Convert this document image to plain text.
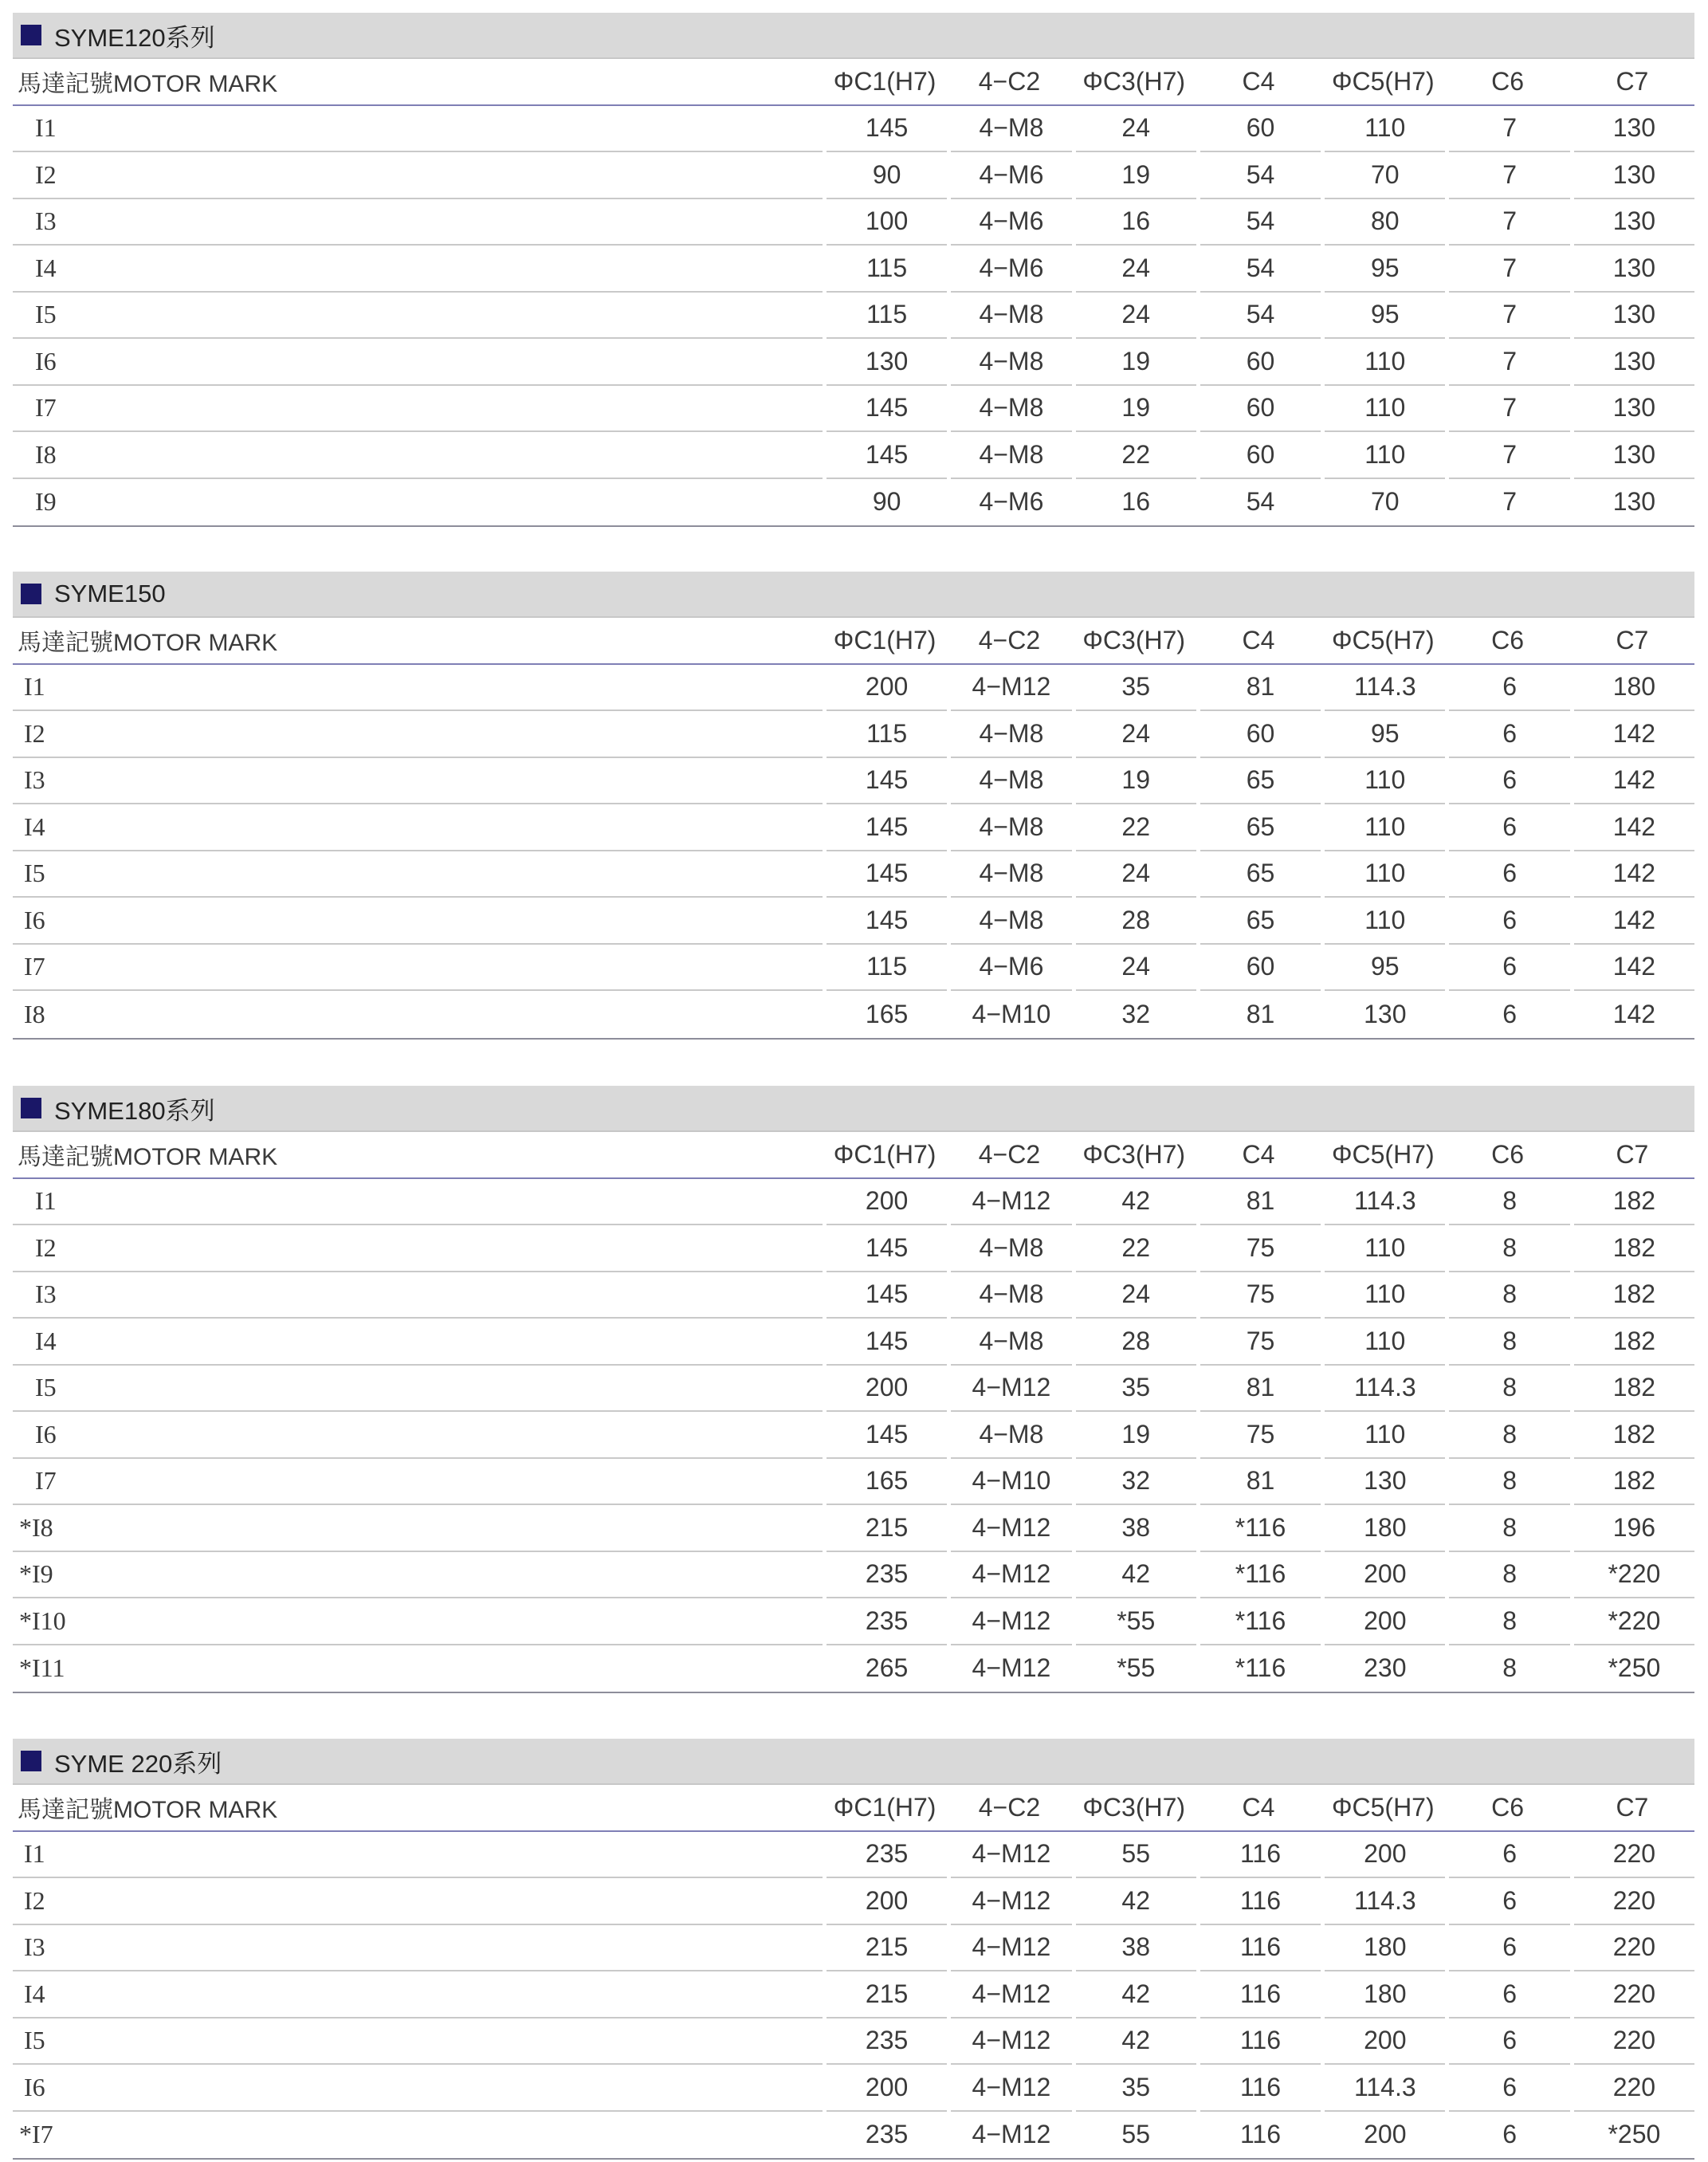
SYME120系列
馬達記號MOTOR MARK	ΦC1(H7)	4−C2	ΦC3(H7)	C4	ΦC5(H7)	C6	C7
I1	145	4−M8	24	60	110	7	130
I2	90	4−M6	19	54	70	7	130
I3	100	4−M6	16	54	80	7	130
I4	115	4−M6	24	54	95	7	130
I5	115	4−M8	24	54	95	7	130
I6	130	4−M8	19	60	110	7	130
I7	145	4−M8	19	60	110	7	130
I8	145	4−M8	22	60	110	7	130
I9	90	4−M6	16	54	70	7	130
SYME150
馬達記號MOTOR MARK	ΦC1(H7)	4−C2	ΦC3(H7)	C4	ΦC5(H7)	C6	C7
I1	200	4−M12	35	81	114.3	6	180
I2	115	4−M8	24	60	95	6	142
I3	145	4−M8	19	65	110	6	142
I4	145	4−M8	22	65	110	6	142
I5	145	4−M8	24	65	110	6	142
I6	145	4−M8	28	65	110	6	142
I7	115	4−M6	24	60	95	6	142
I8	165	4−M10	32	81	130	6	142
SYME180系列
馬達記號MOTOR MARK	ΦC1(H7)	4−C2	ΦC3(H7)	C4	ΦC5(H7)	C6	C7
I1	200	4−M12	42	81	114.3	8	182
I2	145	4−M8	22	75	110	8	182
I3	145	4−M8	24	75	110	8	182
I4	145	4−M8	28	75	110	8	182
I5	200	4−M12	35	81	114.3	8	182
I6	145	4−M8	19	75	110	8	182
I7	165	4−M10	32	81	130	8	182
*I8	215	4−M12	38	*116	180	8	196
*I9	235	4−M12	42	*116	200	8	*220
*I10	235	4−M12	*55	*116	200	8	*220
*I11	265	4−M12	*55	*116	230	8	*250
SYME 220系列
馬達記號MOTOR MARK	ΦC1(H7)	4−C2	ΦC3(H7)	C4	ΦC5(H7)	C6	C7
I1	235	4−M12	55	116	200	6	220
I2	200	4−M12	42	116	114.3	6	220
I3	215	4−M12	38	116	180	6	220
I4	215	4−M12	42	116	180	6	220
I5	235	4−M12	42	116	200	6	220
I6	200	4−M12	35	116	114.3	6	220
*I7	235	4−M12	55	116	200	6	*250
